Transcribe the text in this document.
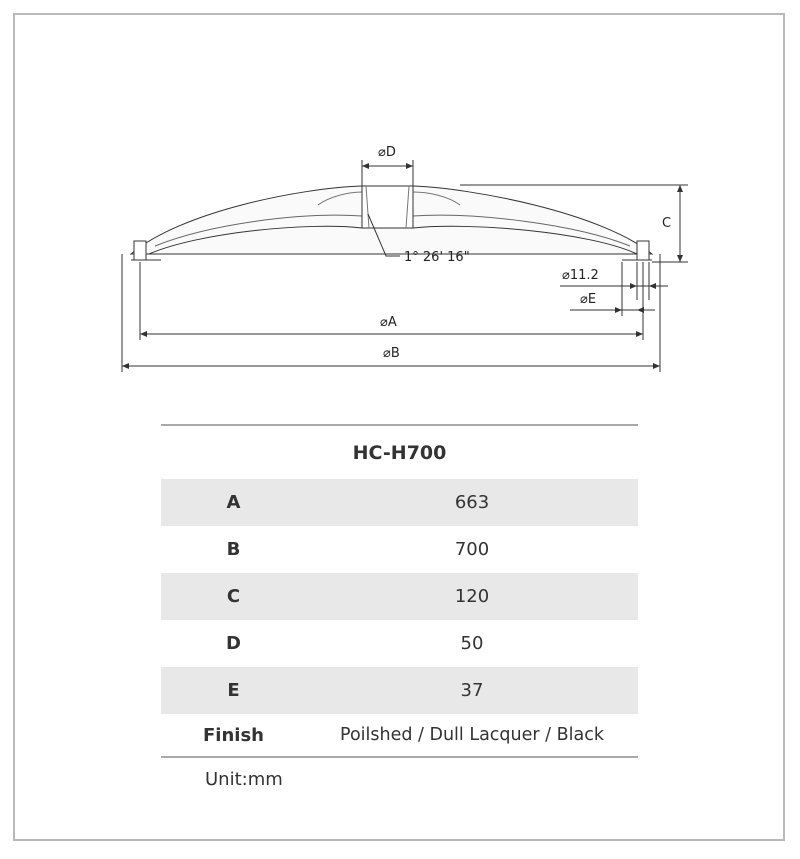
⌀D
1° 26' 16"
C
⌀11.2
⌀E
⌀A
⌀B
HC-H700	
A	663
B	700
C	120
D	50
E	37
Finish	Poilshed / Dull Lacquer / Black
Unit:mm
